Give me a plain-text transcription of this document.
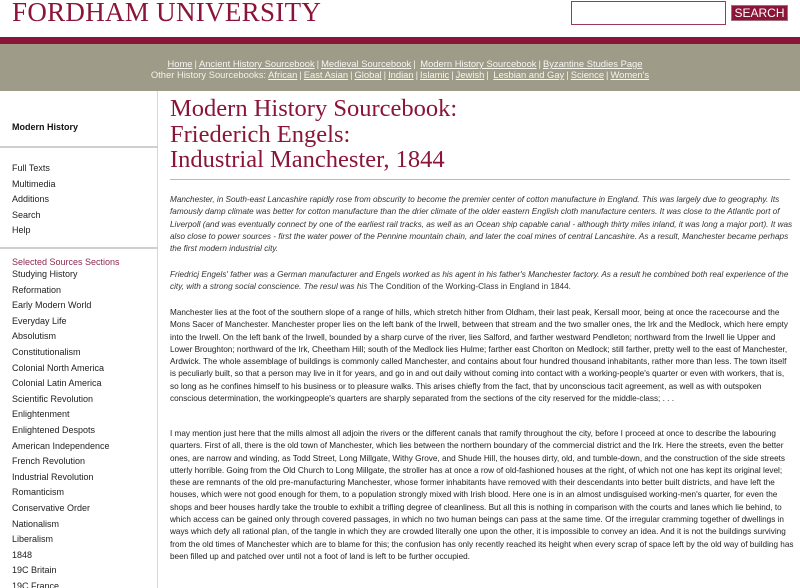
FORDHAM UNIVERSITY	SEARCH
Home | Ancient History Sourcebook | Medieval Sourcebook | Modern History Sourcebook | Byzantine Studies Page
Other History Sourcebooks: African | East Asian | Global | Indian | Islamic | Jewish | Lesbian and Gay | Science | Women's
Modern History
Full Texts
Multimedia
Additions
Search
Help
Selected Sources Sections
Studying History
Reformation
Early Modern World
Everyday Life
Absolutism
Constitutionalism
Colonial North America
Colonial Latin America
Scientific Revolution
Enlightenment
Enlightened Despots
American Independence
French Revolution
Industrial Revolution
Romanticism
Conservative Order
Nationalism
Liberalism
1848
19C Britain
19C France
Modern History Sourcebook:
Friederich Engels:
Industrial Manchester, 1844

Manchester, in South-east Lancashire rapidly rose from obscurity to become the premier center of cotton manufacture in England. This was largely due to geography. Its famously damp climate was better for cotton manufacture than the drier climate of the older eastern English cloth manufacture centers. It was close to the Atlantic port of Liverpoll (and was eventually connect by one of the earliest rail tracks, as well as an Ocean ship capable canal - although thirty miles inland, it was long a major port). It was also close to power sources - first the water power of the Pennine mountain chain, and later the coal mines of central Lancashire. As a result, Manchester became perhaps the first modern industrial city.

Friedricj Engels' father was a German manufacturer and Engels worked as his agent in his father's Manchester factory. As a result he combined both real experience of the city, with a strong social conscience. The resul was his The Condition of the Working-Class in England in 1844.

Manchester lies at the foot of the southern slope of a range of hills, which stretch hither from Oldham, their last peak, Kersall moor, being at once the racecourse and the Mons Sacer of Manchester. Manchester proper lies on the left bank of the Irwell, between that stream and the two smaller ones, the Irk and the Medlock, which here empty into the Irwell. On the left bank of the Irwell, bounded by a sharp curve of the river, lies Salford, and farther westward Pendleton; northward from the Irwell lie Upper and Lower Broughton; northward of the Irk, Cheetham Hill; south of the Medlock lies Hulme; farther east Chorlton on Medlock; still farther, pretty well to the east of Manchester, Ardwick. The whole assemblage of buildings is commonly called Manchester, and contains about four hundred thousand inhabitants, rather more than less. The town itself is peculiarly built, so that a person may live in it for years, and go in and out daily without coming into contact with a working-people's quarter or even with workers, that is, so long as he confines himself to his business or to pleasure walks. This arises chiefly from the fact, that by unconscious tacit agreement, as well as with outspoken conscious determination, the workingpeople's quarters are sharply separated from the sections of the city reserved for the middle-class; . . .

I may mention just here that the mills almost all adjoin the rivers or the different canals that ramify throughout the city, before I proceed at once to describe the labouring quarters. First of all, there is the old town of Manchester, which lies between the northern boundary of the commercial district and the Irk. Here the streets, even the better ones, are narrow and winding, as Todd Street, Long Millgate, Withy Grove, and Shude Hill, the houses dirty, old, and tumble-down, and the construction of the side streets utterly horrible. Going from the Old Church to Long Millgate, the stroller has at once a row of old-fashioned houses at the right, of which not one has kept its original level; these are remnants of the old pre-manufacturing Manchester, whose former inhabitants have removed with their descendants into better built districts, and have left the houses, which were not good enough for them, to a population strongly mixed with Irish blood. Here one is in an almost undisguised working-men's quarter, for even the shops and beer houses hardly take the trouble to exhibit a trifling degree of cleanliness. But all this is nothing in comparison with the courts and lanes which lie behind, to which access can be gained only through covered passages, in which no two human beings can pass at the same time. Of the irregular cramming together of dwellings in ways which defy all rational plan, of the tangle in which they are crowded literally one upon the other, it is impossible to convey an idea. And it is not the buildings surviving from the old times of Manchester which are to blame for this; the confusion has only recently reached its height when every scrap of space left by the old way of building has been filled up and patched over until not a foot of land is left to be further occupied.
